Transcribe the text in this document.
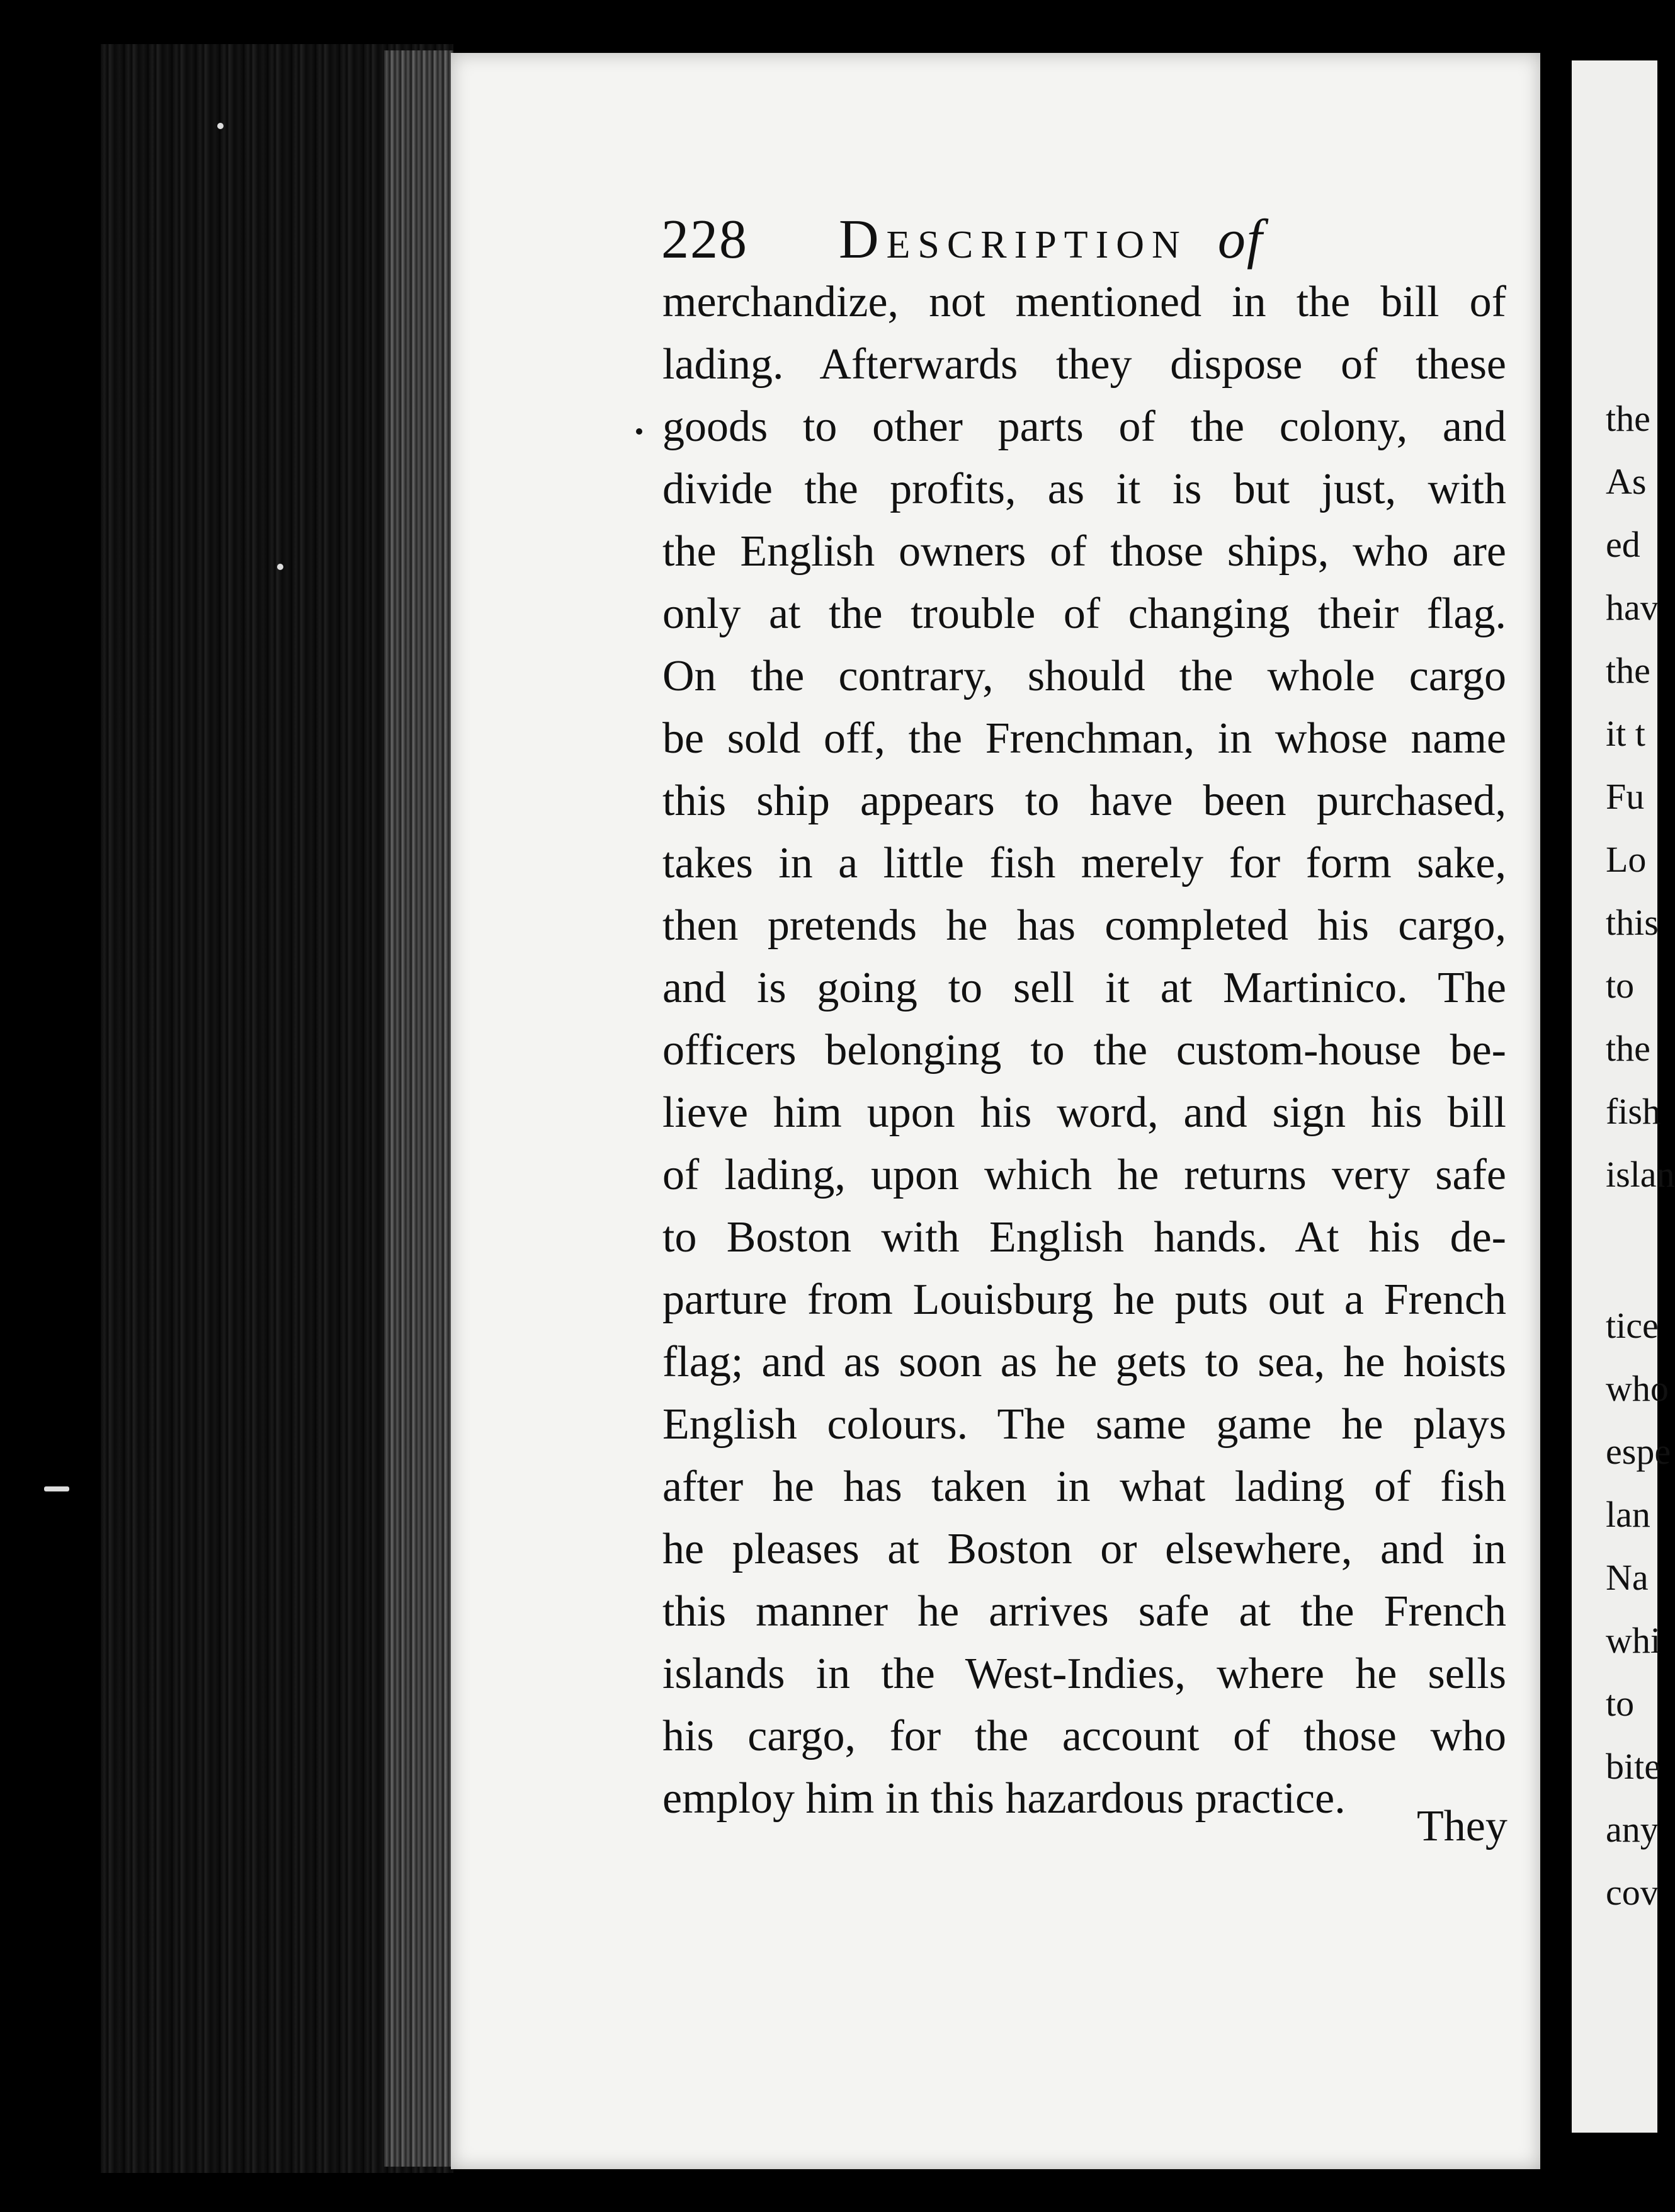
228 Description of
merchandize, not mentioned in the bill of
lading. Afterwards they dispose of these
goods to other parts of the colony, and
divide the profits, as it is but just, with
the English owners of those ships, who are
only at the trouble of changing their flag.
On the contrary, should the whole cargo
be sold off, the Frenchman, in whose name
this ship appears to have been purchased,
takes in a little fish merely for form sake,
then pretends he has completed his cargo,
and is going to sell it at Martinico. The
officers belonging to the custom-house be-
lieve him upon his word, and sign his bill
of lading, upon which he returns very safe
to Boston with English hands. At his de-
parture from Louisburg he puts out a French
flag; and as soon as he gets to sea, he hoists
English colours. The same game he plays
after he has taken in what lading of fish
he pleases at Boston or elsewhere, and in
this manner he arrives safe at the French
islands in the West-Indies, where he sells
his cargo, for the account of those who
employ him in this hazardous practice.
They
the
As
ed
hav
the
it t
Fu
Lo
this
to
the
fish
islan
tice
who
espe
lan
Na
whi
to
bite
any
cov
